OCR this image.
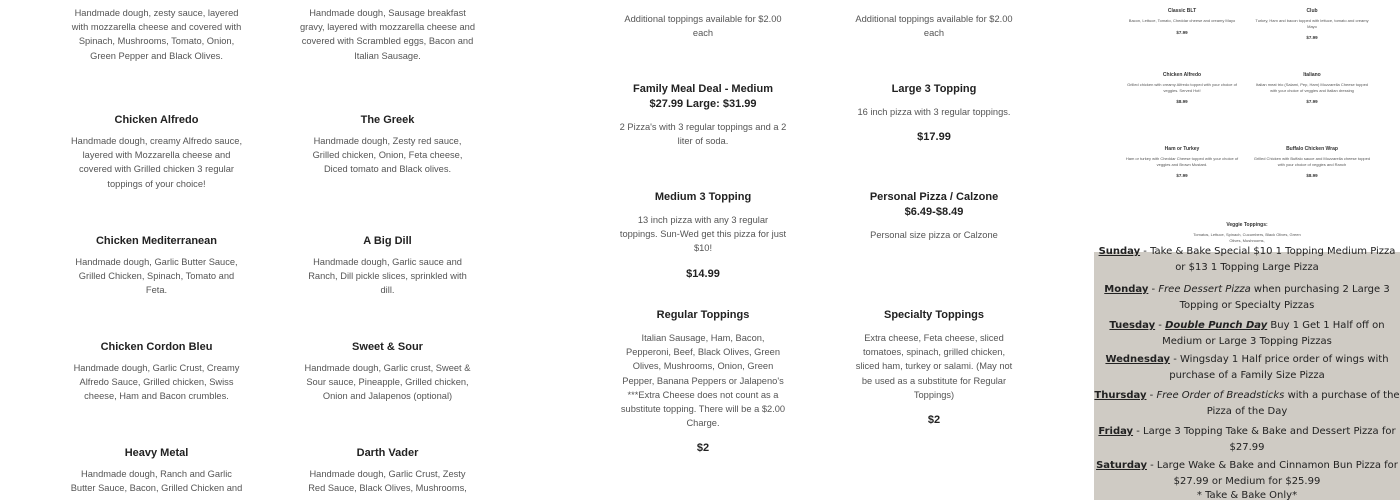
Handmade dough, zesty sauce, layered with mozzarella cheese and covered with Spinach, Mushrooms, Tomato, Onion, Green Pepper and Black Olives.
Chicken Alfredo
Handmade dough, creamy Alfredo sauce, layered with Mozzarella cheese and covered with Grilled chicken 3 regular toppings of your choice!
Chicken Mediterranean
Handmade dough, Garlic Butter Sauce, Grilled Chicken, Spinach, Tomato and Feta.
Chicken Cordon Bleu
Handmade dough, Garlic Crust, Creamy Alfredo Sauce, Grilled chicken, Swiss cheese, Ham and Bacon crumbles.
Heavy Metal
Handmade dough, Ranch and Garlic Butter Sauce, Bacon, Grilled Chicken and
Handmade dough, Sausage breakfast gravy, layered with mozzarella cheese and covered with Scrambled eggs, Bacon and Italian Sausage.
The Greek
Handmade dough, Zesty red sauce, Grilled chicken, Onion, Feta cheese, Diced tomato and Black olives.
A Big Dill
Handmade dough, Garlic sauce and Ranch, Dill pickle slices, sprinkled with dill.
Sweet & Sour
Handmade dough, Garlic crust, Sweet & Sour sauce, Pineapple, Grilled chicken, Onion and Jalapenos (optional)
Darth Vader
Handmade dough, Garlic Crust, Zesty Red Sauce, Black Olives, Mushrooms,
Additional toppings available for $2.00 each
Family Meal Deal - Medium $27.99 Large: $31.99
2 Pizza's with 3 regular toppings and a 2 liter of soda.
Medium 3 Topping
13 inch pizza with any 3 regular toppings. Sun-Wed get this pizza for just $10!
$14.99
Regular Toppings
Italian Sausage, Ham, Bacon, Pepperoni, Beef, Black Olives, Green Olives, Mushrooms, Onion, Green Pepper, Banana Peppers or Jalapeno's ***Extra Cheese does not count as a substitute topping. There will be a $2.00 Charge.
$2
Additional toppings available for $2.00 each
Large 3 Topping
16 inch pizza with 3 regular toppings.
$17.99
Personal Pizza / Calzone $6.49-$8.49
Personal size pizza or Calzone
Specialty Toppings
Extra cheese, Feta cheese, sliced tomatoes, spinach, grilled chicken, sliced ham, turkey or salami. (May not be used as a substitute for Regular Toppings)
$2
Classic BLT
Bacon, Lettuce, Tomato, Cheddar cheese and creamy Mayo
$7.99
Club
Turkey, Ham and bacon topped with lettuce, tomato and creamy Mayo
$7.99
Chicken Alfredo
Grilled chicken with creamy Alfredo topped with your choice of veggies. Served Hot!
$8.99
Italiano
Italian meat trio (Salami, Pep, Ham) Mozzarella Cheese topped with your choice of veggies and Italian dressing
$7.99
Ham or Turkey
Ham or turkey with Cheddar Cheese topped with your choice of veggies and Brown Mustard.
$7.99
Buffalo Chicken Wrap
Grilled Chicken with Buffalo sauce and Mozzarella cheese topped with your choice of veggies and Ranch
$8.99
Veggie Toppings:
Tomatos, Lettuce, Spinach, Cucumbers, Black Olives, Green Olives, Mushrooms,
Sunday - Take & Bake Special $10 1 Topping Medium Pizza or $13 1 Topping Large Pizza
Monday - Free Dessert Pizza when purchasing 2 Large 3 Topping or Specialty Pizzas
Tuesday - Double Punch Day Buy 1 Get 1 Half off on Medium or Large 3 Topping Pizzas
Wednesday - Wingsday 1 Half price order of wings with purchase of a Family Size Pizza
Thursday - Free Order of Breadsticks with a purchase of the Pizza of the Day
Friday - Large 3 Topping Take & Bake and Dessert Pizza for $27.99
Saturday - Large Wake & Bake and Cinnamon Bun Pizza for $27.99 or Medium for $25.99
* Take & Bake Only*
